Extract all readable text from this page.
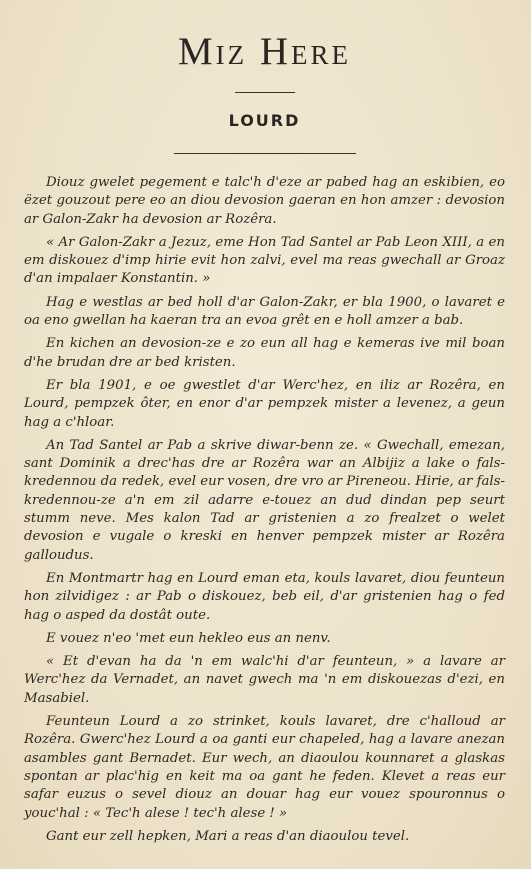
Miz Here
LOURD

Diouz gwelet pegement e talc'h d'eze ar pabed hag an eskibien, eo ëzet gouzout pere eo an diou devosion gaeran en hon amzer : devosion ar Galon-Zakr ha devosion ar Rozêra.

« Ar Galon-Zakr a Jezuz, eme Hon Tad Santel ar Pab Leon XIII, a en em diskouez d'imp hirie evit hon zalvi, evel ma reas gwechall ar Groaz d'an impalaer Konstantin. »

Hag e westlas ar bed holl d'ar Galon-Zakr, er bla 1900, o lavaret e oa eno gwellan ha kaeran tra an evoa grêt en e holl amzer a bab.

En kichen an devosion-ze e zo eun all hag e kemeras ive mil boan d'he brudan dre ar bed kristen.

Er bla 1901, e oe gwestlet d'ar Werc'hez, en iliz ar Rozêra, en Lourd, pempzek ôter, en enor d'ar pempzek mister a levenez, a geun hag a c'hloar.

An Tad Santel ar Pab a skrive diwar-benn ze. « Gwechall, emezan, sant Dominik a drec'has dre ar Rozêra war an Albijiz a lake o fals-kredennou da redek, evel eur vosen, dre vro ar Pireneou. Hirie, ar fals-kredennou-ze a'n em zil adarre e-touez an dud dindan pep seurt stumm neve. Mes kalon Tad ar gristenien a zo frealzet o welet devosion e vugale o kreski en henver pempzek mister ar Rozêra galloudus.

En Montmartr hag en Lourd eman eta, kouls lavaret, diou feunteun hon zilvidigez : ar Pab o diskouez, beb eil, d'ar gristenien hag o fed hag o asped da dostât oute.

E vouez n'eo 'met eun hekleo eus an nenv.

« Et d'evan ha da 'n em walc'hi d'ar feunteun, » a lavare ar Werc'hez da Vernadet, an navet gwech ma 'n em diskouezas d'ezi, en Masabiel.

Feunteun Lourd a zo strinket, kouls lavaret, dre c'halloud ar Rozêra. Gwerc'hez Lourd a oa ganti eur chapeled, hag a lavare anezan asambles gant Bernadet. Eur wech, an diaoulou kounnaret a glaskas spontan ar plac'hig en keit ma oa gant he feden. Klevet a reas eur safar euzus o sevel diouz an douar hag eur vouez spouronnus o youc'hal : « Tec'h alese ! tec'h alese ! »

Gant eur zell hepken, Mari a reas d'an diaoulou tevel.
